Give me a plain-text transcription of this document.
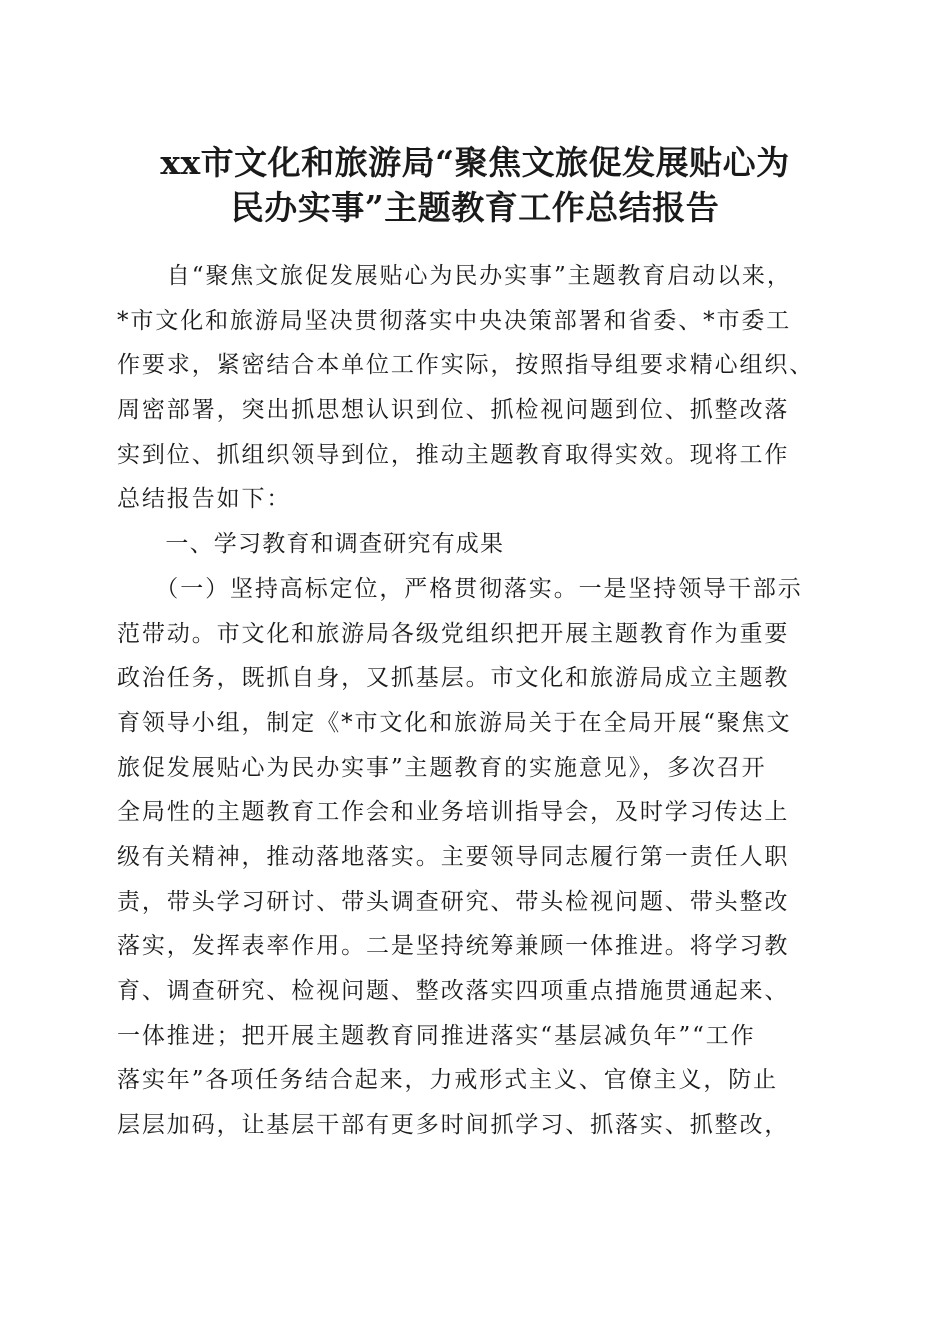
xx市文化和旅游局“聚焦文旅促发展贴心为
民办实事”主题教育工作总结报告
　　自“聚焦文旅促发展贴心为民办实事”主题教育启动以来，
*市文化和旅游局坚决贯彻落实中央决策部署和省委、*市委工
作要求，紧密结合本单位工作实际，按照指导组要求精心组织、
周密部署，突出抓思想认识到位、抓检视问题到位、抓整改落
实到位、抓组织领导到位，推动主题教育取得实效。现将工作
总结报告如下：
　　一、学习教育和调查研究有成果
　　（一）坚持高标定位，严格贯彻落实。一是坚持领导干部示
范带动。市文化和旅游局各级党组织把开展主题教育作为重要
政治任务，既抓自身，又抓基层。市文化和旅游局成立主题教
育领导小组，制定《*市文化和旅游局关于在全局开展“聚焦文
旅促发展贴心为民办实事”主题教育的实施意见》，多次召开
全局性的主题教育工作会和业务培训指导会，及时学习传达上
级有关精神，推动落地落实。主要领导同志履行第一责任人职
责，带头学习研讨、带头调查研究、带头检视问题、带头整改
落实，发挥表率作用。二是坚持统筹兼顾一体推进。将学习教
育、调查研究、检视问题、整改落实四项重点措施贯通起来、
一体推进；把开展主题教育同推进落实“基层减负年”“工作
落实年”各项任务结合起来，力戒形式主义、官僚主义，防止
层层加码，让基层干部有更多时间抓学习、抓落实、抓整改，
